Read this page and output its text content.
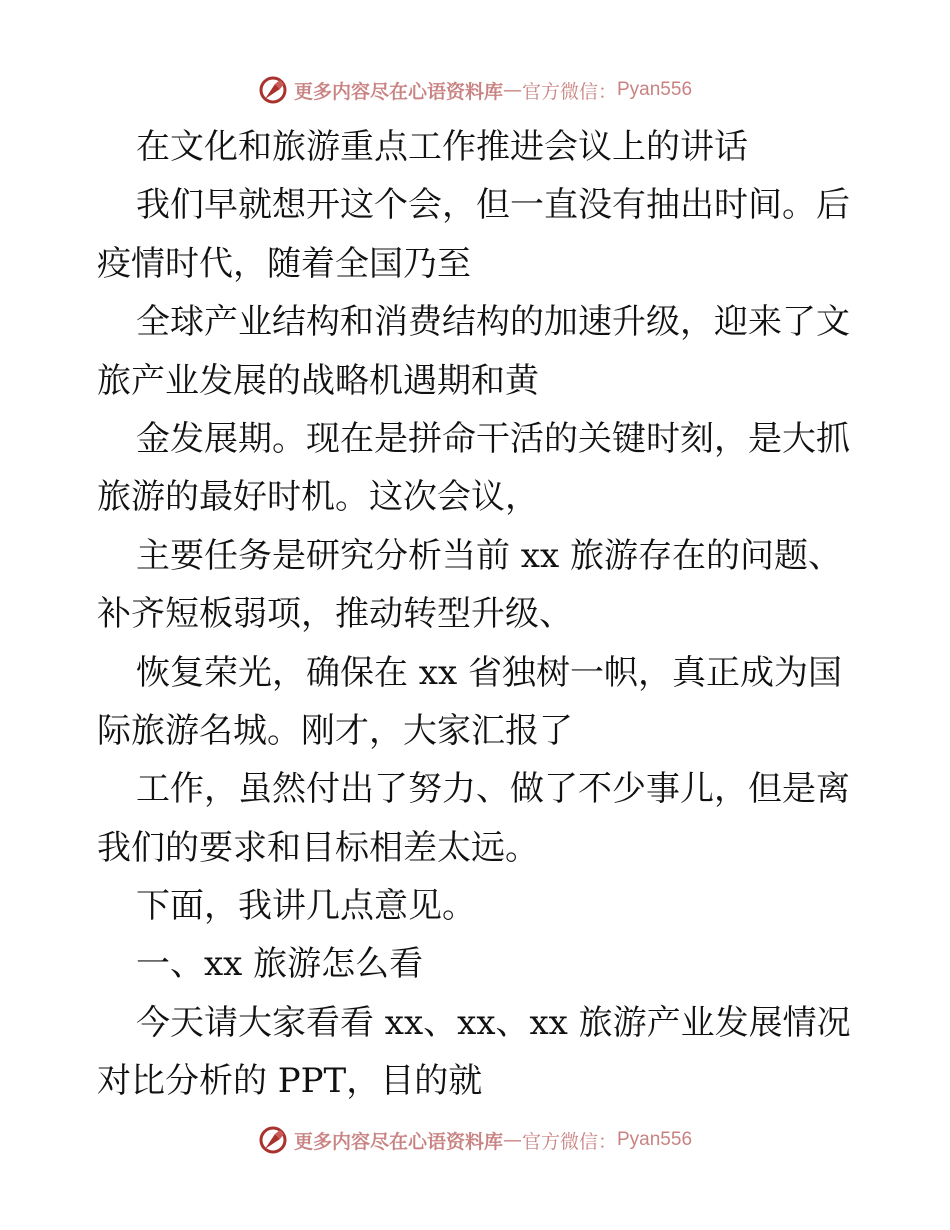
更多内容尽在心语资料库 — 官方微信： Pyan556
在文化和旅游重点工作推进会议上的讲话
我们早就想开这个会，但一直没有抽出时间。后
疫情时代，随着全国乃至
全球产业结构和消费结构的加速升级，迎来了文
旅产业发展的战略机遇期和黄
金发展期。现在是拼命干活的关键时刻，是大抓
旅游的最好时机。这次会议，
主要任务是研究分析当前 xx 旅游存在的问题、
补齐短板弱项，推动转型升级、
恢复荣光，确保在 xx 省独树一帜，真正成为国
际旅游名城。刚才，大家汇报了
工作，虽然付出了努力、做了不少事儿，但是离
我们的要求和目标相差太远。
下面，我讲几点意见。
一、xx 旅游怎么看
今天请大家看看 xx、xx、xx 旅游产业发展情况
对比分析的 PPT，目的就
更多内容尽在心语资料库 — 官方微信： Pyan556
